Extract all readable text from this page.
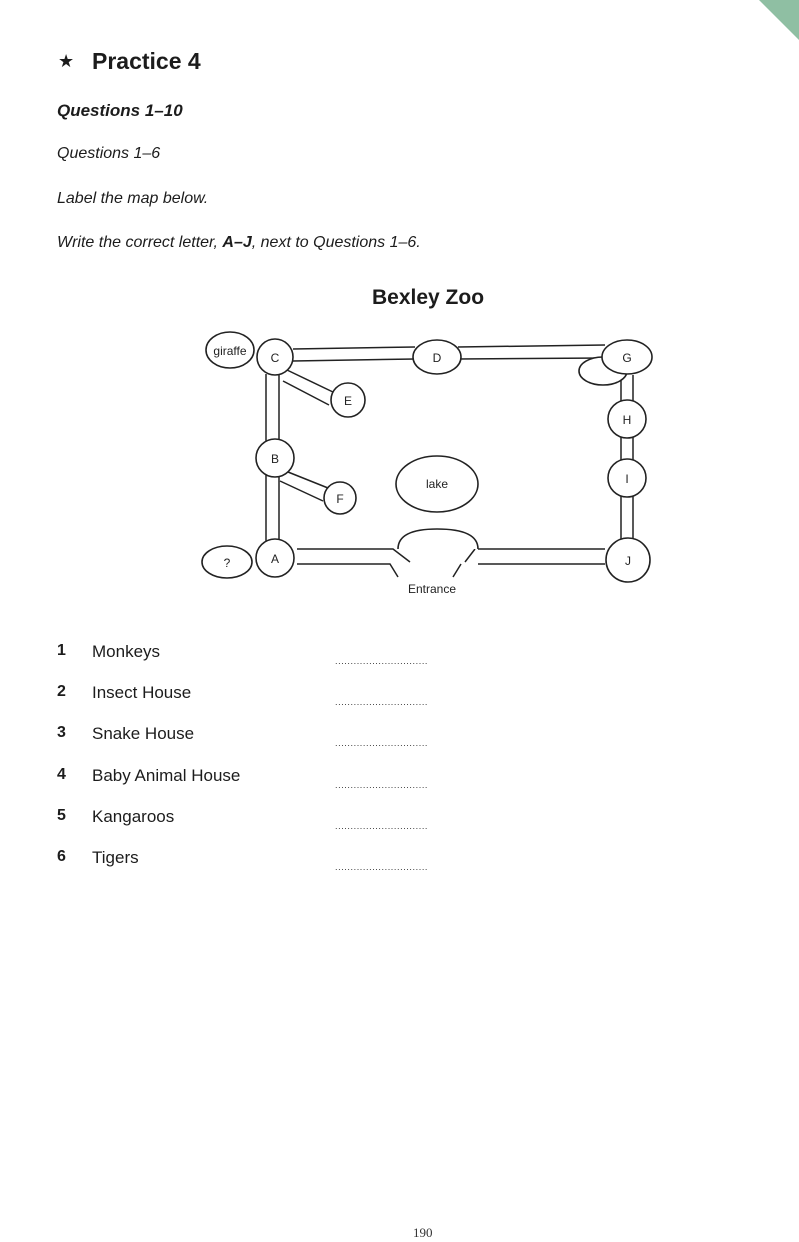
★ Practice 4
Questions 1–10
Questions 1–6
Label the map below.
Write the correct letter, A–J, next to Questions 1–6.
Bexley Zoo
giraffe C	D	G
E
H
B
I
lake
F
?	A	J
Entrance
1 Monkeys	..............................
2 Insect House	..............................
3 Snake House	..............................
4 Baby Animal House	..............................
5 Kangaroos	..............................
6 Tigers	..............................
190
